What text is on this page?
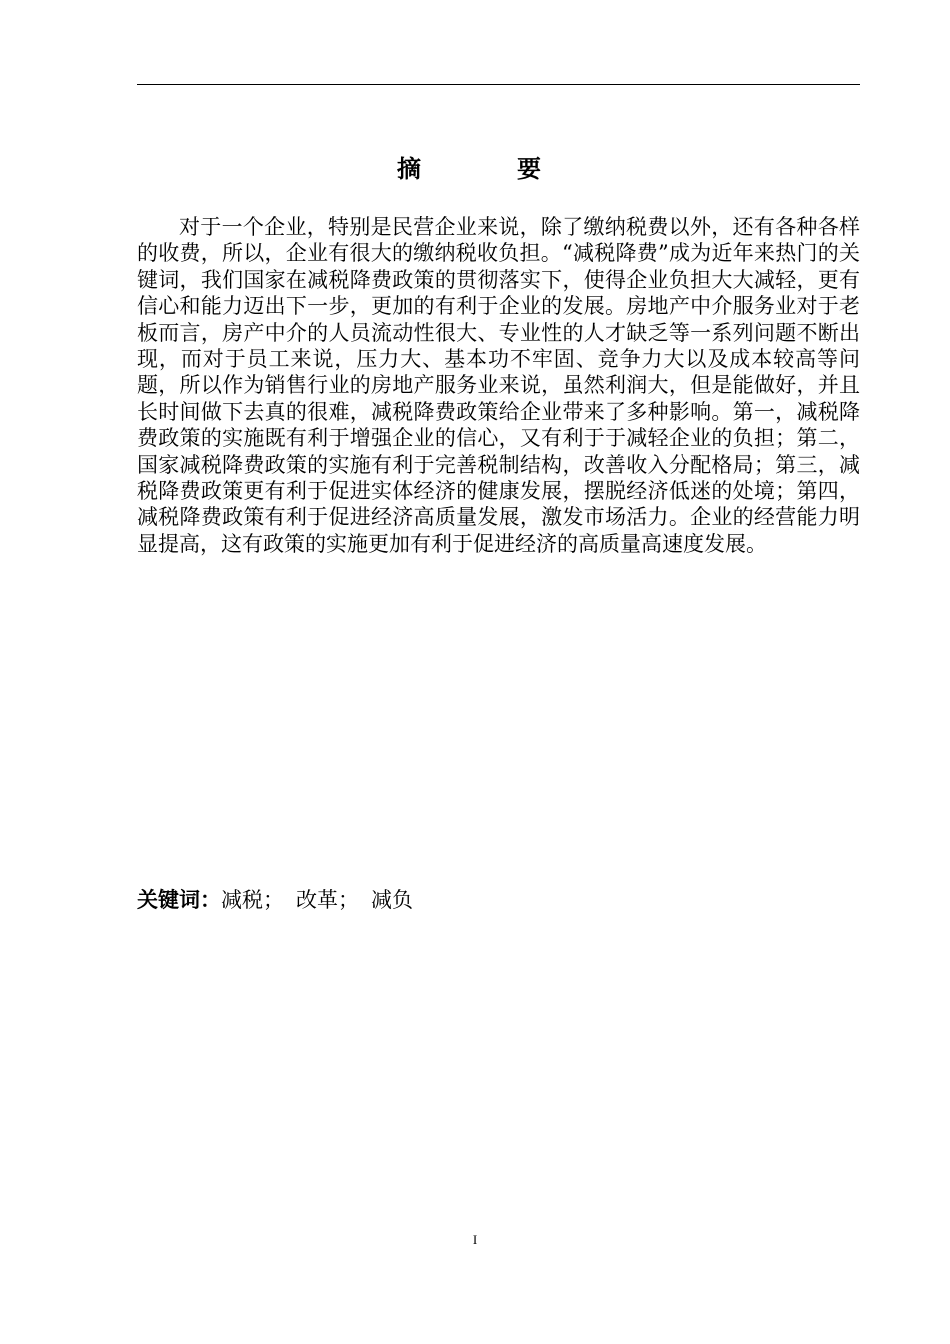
摘　要

对于一个企业，特别是民营企业来说，除了缴纳税费以外，还有各种各样的收费，所以，企业有很大的缴纳税收负担。“减税降费”成为近年来热门的关键词，我们国家在减税降费政策的贯彻落实下，使得企业负担大大减轻，更有信心和能力迈出下一步，更加的有利于企业的发展。房地产中介服务业对于老板而言，房产中介的人员流动性很大、专业性的人才缺乏等一系列问题不断出现，而对于员工来说，压力大、基本功不牢固、竞争力大以及成本较高等问题，所以作为销售行业的房地产服务业来说，虽然利润大，但是能做好，并且长时间做下去真的很难，减税降费政策给企业带来了多种影响。第一，减税降费政策的实施既有利于增强企业的信心，又有利于于减轻企业的负担；第二，国家减税降费政策的实施有利于完善税制结构，改善收入分配格局；第三，减税降费政策更有利于促进实体经济的健康发展，摆脱经济低迷的处境；第四，减税降费政策有利于促进经济高质量发展，激发市场活力。企业的经营能力明显提高，这有政策的实施更加有利于促进经济的高质量高速度发展。

关键词：减税； 改革； 减负
I
